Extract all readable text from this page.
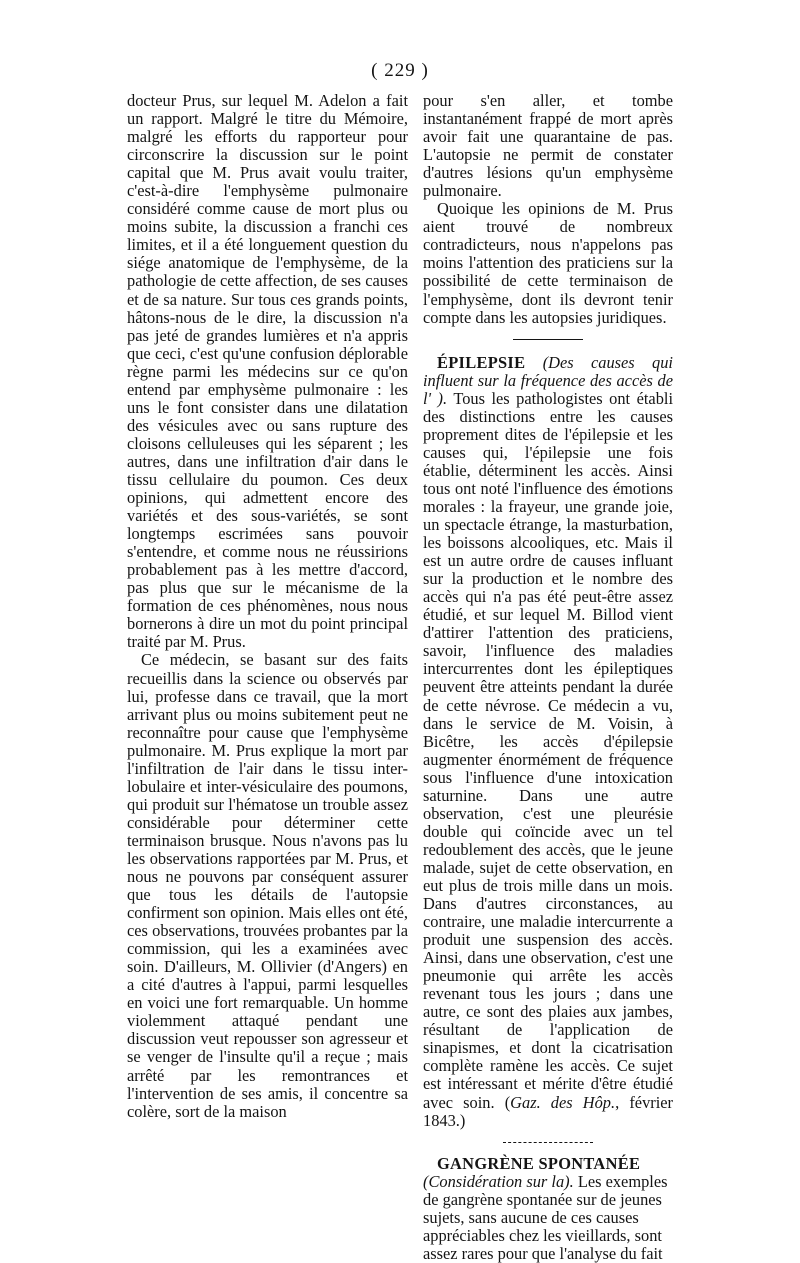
( 229 )

docteur Prus, sur lequel M. Adelon a fait un rapport. Malgré le titre du Mémoire, malgré les efforts du rapporteur pour circonscrire la discussion sur le point capital que M. Prus avait voulu traiter, c'est-à-dire l'emphysème pulmonaire considéré comme cause de mort plus ou moins subite, la discussion a franchi ces limites, et il a été longuement question du siége anatomique de l'emphysème, de la pathologie de cette affection, de ses causes et de sa nature. Sur tous ces grands points, hâtons-nous de le dire, la discussion n'a pas jeté de grandes lumières et n'a appris que ceci, c'est qu'une confusion déplorable règne parmi les médecins sur ce qu'on entend par emphysème pulmonaire : les uns le font consister dans une dilatation des vésicules avec ou sans rupture des cloisons celluleuses qui les séparent ; les autres, dans une infiltration d'air dans le tissu cellulaire du poumon. Ces deux opinions, qui admettent encore des variétés et des sous-variétés, se sont longtemps escrimées sans pouvoir s'entendre, et comme nous ne réussirions probablement pas à les mettre d'accord, pas plus que sur le mécanisme de la formation de ces phénomènes, nous nous bornerons à dire un mot du point principal traité par M. Prus.

Ce médecin, se basant sur des faits recueillis dans la science ou observés par lui, professe dans ce travail, que la mort arrivant plus ou moins subitement peut ne reconnaître pour cause que l'emphysème pulmonaire. M. Prus explique la mort par l'infiltration de l'air dans le tissu inter-lobulaire et inter-vésiculaire des poumons, qui produit sur l'hématose un trouble assez considérable pour déterminer cette terminaison brusque. Nous n'avons pas lu les observations rapportées par M. Prus, et nous ne pouvons par conséquent assurer que tous les détails de l'autopsie confirment son opinion. Mais elles ont été, ces observations, trouvées probantes par la commission, qui les a examinées avec soin. D'ailleurs, M. Ollivier (d'Angers) en a cité d'autres à l'appui, parmi lesquelles en voici une fort remarquable. Un homme violemment attaqué pendant une discussion veut repousser son agresseur et se venger de l'insulte qu'il a reçue ; mais arrêté par les remontrances et l'intervention de ses amis, il concentre sa colère, sort de la maison

pour s'en aller, et tombe instantanément frappé de mort après avoir fait une quarantaine de pas. L'autopsie ne permit de constater d'autres lésions qu'un emphysème pulmonaire.

Quoique les opinions de M. Prus aient trouvé de nombreux contradicteurs, nous n'appelons pas moins l'attention des praticiens sur la possibilité de cette terminaison de l'emphysème, dont ils devront tenir compte dans les autopsies juridiques.

ÉPILEPSIE (Des causes qui influent sur la fréquence des accès de l' ). Tous les pathologistes ont établi des distinctions entre les causes proprement dites de l'épilepsie et les causes qui, l'épilepsie une fois établie, déterminent les accès. Ainsi tous ont noté l'influence des émotions morales : la frayeur, une grande joie, un spectacle étrange, la masturbation, les boissons alcooliques, etc. Mais il est un autre ordre de causes influant sur la production et le nombre des accès qui n'a pas été peut-être assez étudié, et sur lequel M. Billod vient d'attirer l'attention des praticiens, savoir, l'influence des maladies intercurrentes dont les épileptiques peuvent être atteints pendant la durée de cette névrose. Ce médecin a vu, dans le service de M. Voisin, à Bicêtre, les accès d'épilepsie augmenter énormément de fréquence sous l'influence d'une intoxication saturnine. Dans une autre observation, c'est une pleurésie double qui coïncide avec un tel redoublement des accès, que le jeune malade, sujet de cette observation, en eut plus de trois mille dans un mois. Dans d'autres circonstances, au contraire, une maladie intercurrente a produit une suspension des accès. Ainsi, dans une observation, c'est une pneumonie qui arrête les accès revenant tous les jours ; dans une autre, ce sont des plaies aux jambes, résultant de l'application de sinapismes, et dont la cicatrisation complète ramène les accès. Ce sujet est intéressant et mérite d'être étudié avec soin. (Gaz. des Hôp., février 1843.)

GANGRÈNE SPONTANÉE (Considération sur la). Les exemples de gangrène spontanée sur de jeunes sujets, sans aucune de ces causes appréciables chez les vieillards, sont assez rares pour que l'analyse du fait
